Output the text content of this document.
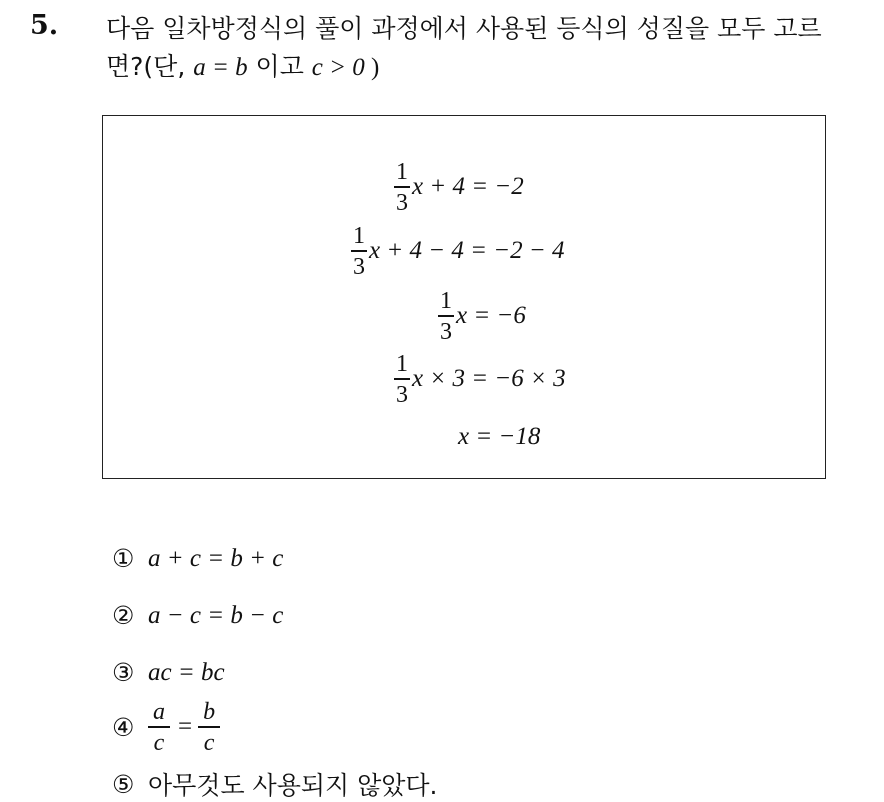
5. 다음 일차방정식의 풀이 과정에서 사용된 등식의 성질을 모두 고르
면?(단, a = b 이고 c > 0 )
$\frac{1}{3}$ x + 4 = −2
$\frac{1}{3}$ x + 4 − 4 = −2 − 4
$\frac{1}{3}$ x = −6
$\frac{1}{3}$ x × 3 = −6 × 3
x = −18
① a + c = b + c
② a − c = b − c
③ ac = bc
④ $\frac{a}{c} = \frac{b}{c}$
⑤ 아무것도 사용되지 않았다.
